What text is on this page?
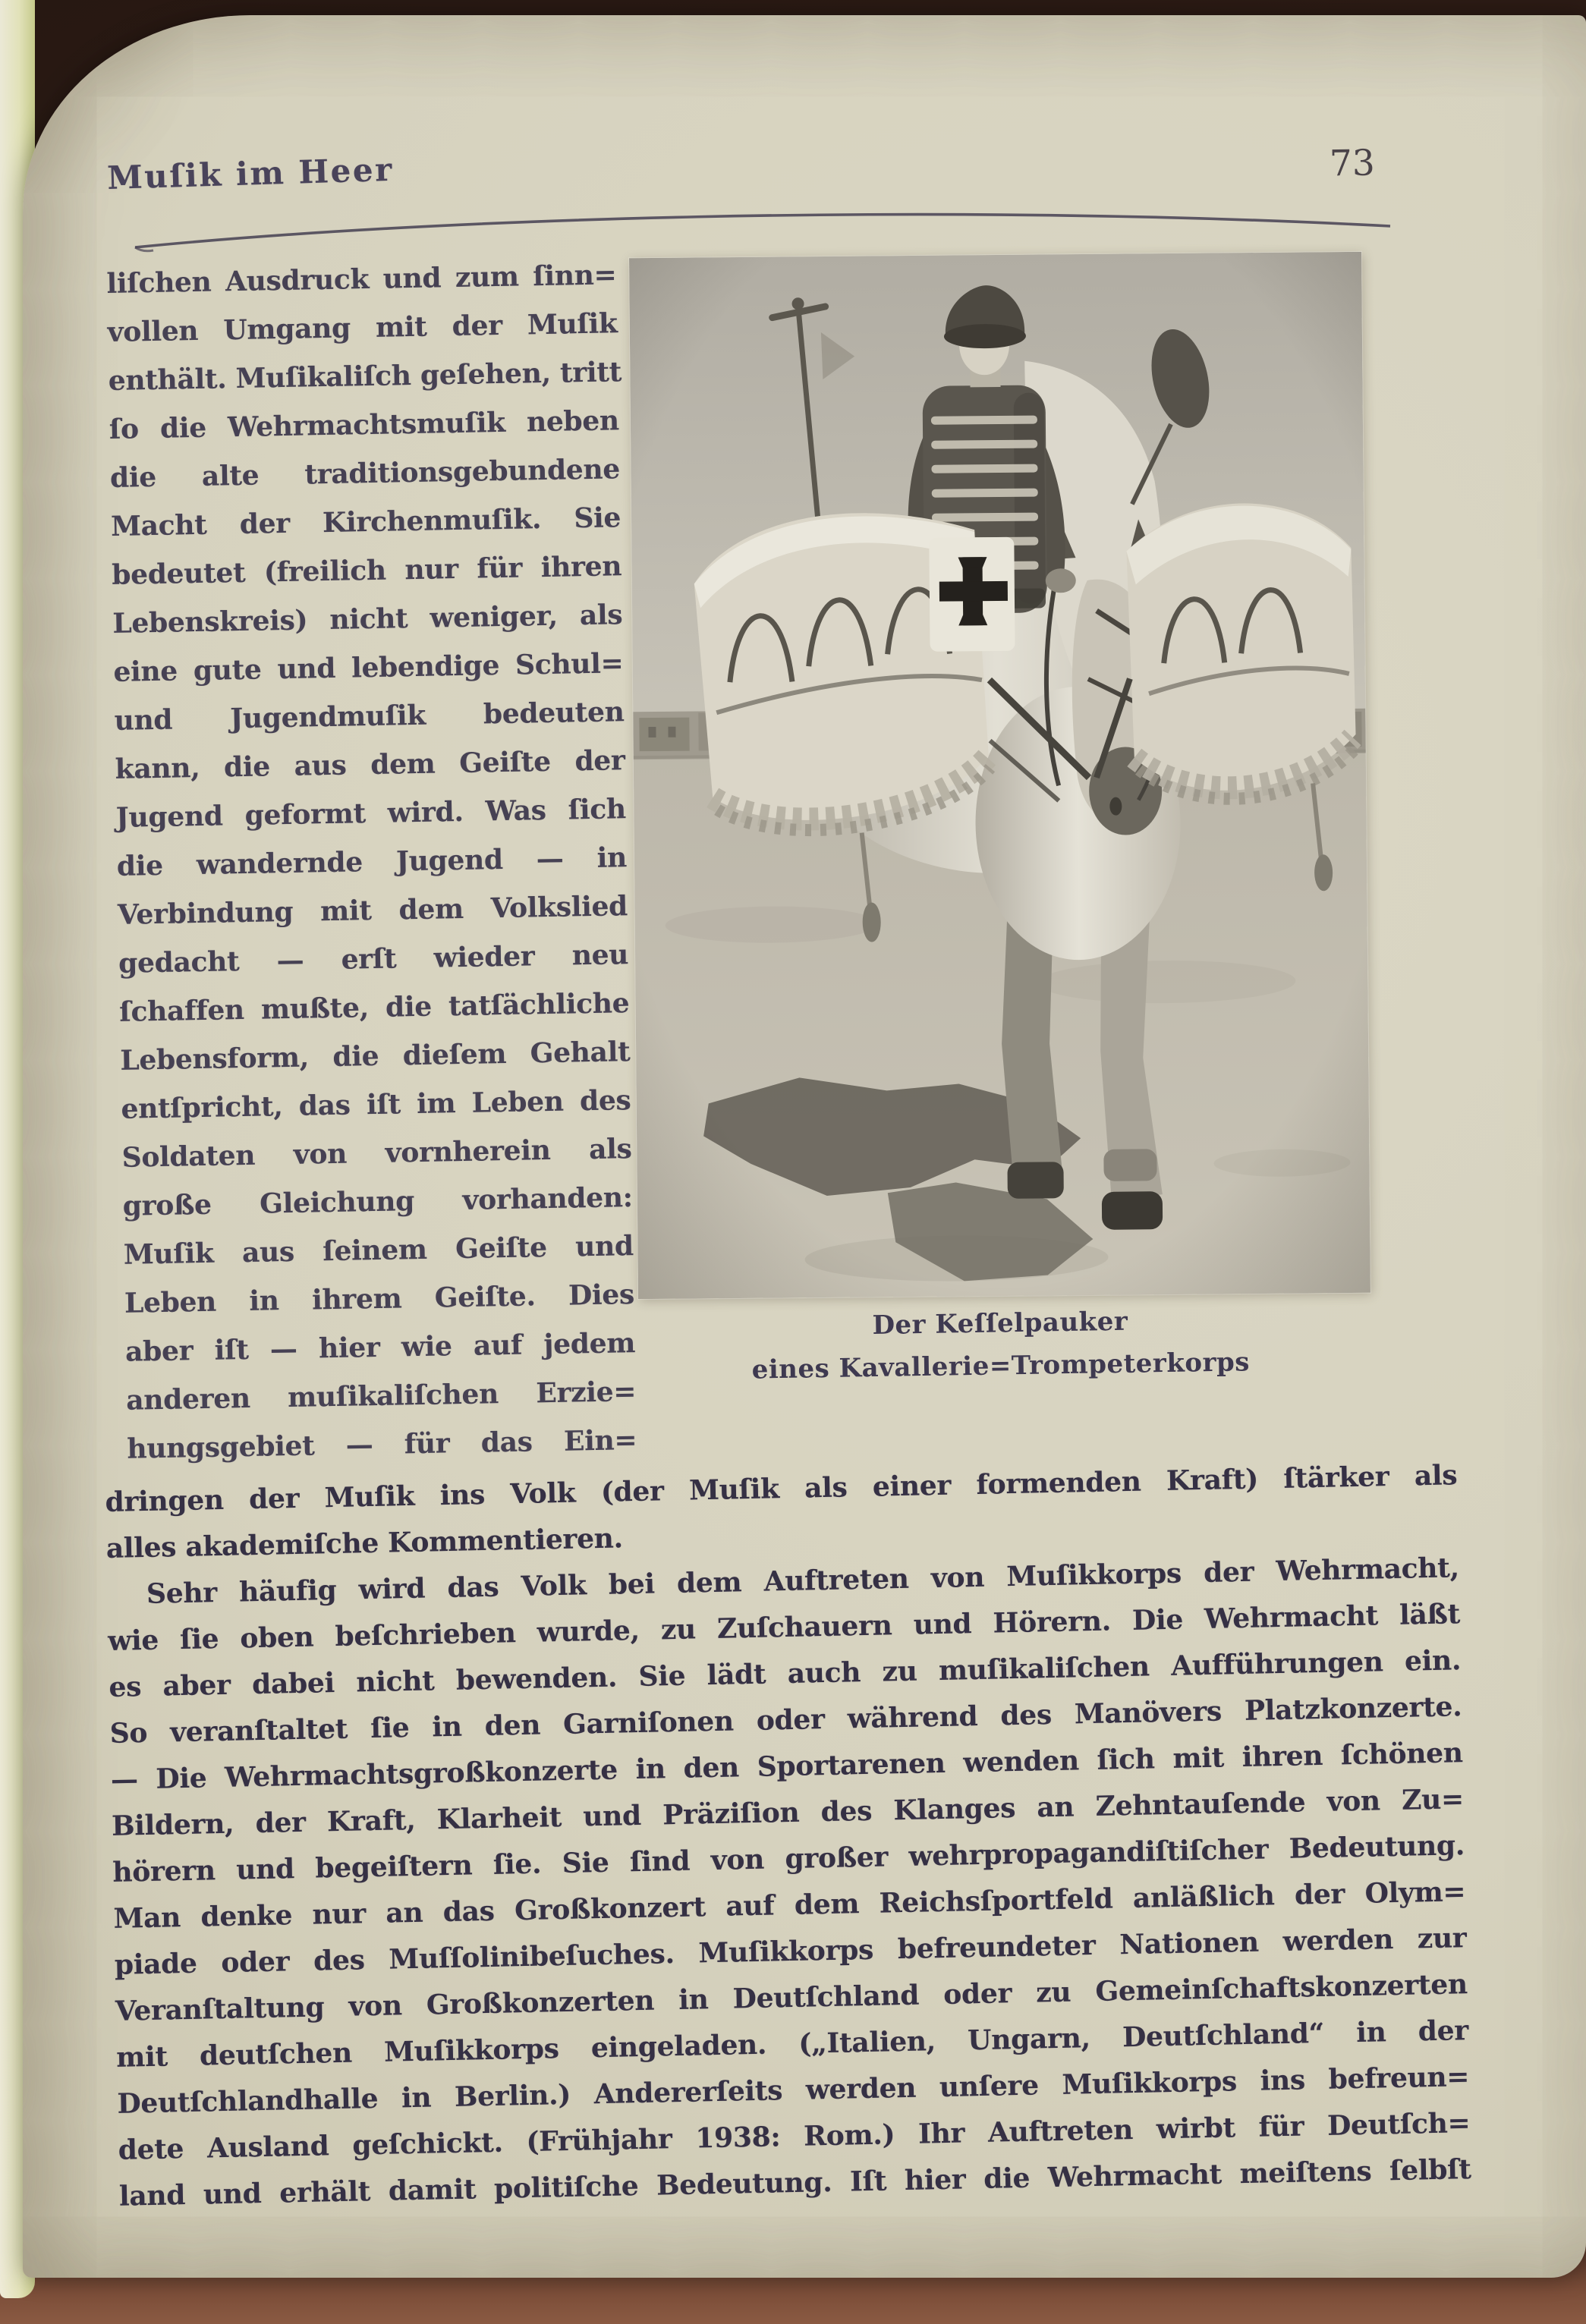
Muſik im Heer	73
liſchen Ausdruck und zum ſinn=
vollen Umgang mit der Muſik
enthält. Muſikaliſch geſehen, tritt
ſo die Wehrmachtsmuſik neben
die alte traditionsgebundene
Macht der Kirchenmuſik. Sie
bedeutet (freilich nur für ihren
Lebenskreis) nicht weniger, als
eine gute und lebendige Schul=
und Jugendmuſik bedeuten
kann, die aus dem Geiſte der
Jugend geformt wird. Was ſich
die wandernde Jugend — in
Verbindung mit dem Volkslied
gedacht — erſt wieder neu
ſchaffen mußte, die tatſächliche
Lebensform, die dieſem Gehalt
entſpricht, das iſt im Leben des
Soldaten von vornherein als
große Gleichung vorhanden:
Muſik aus ſeinem Geiſte und
Leben in ihrem Geiſte. Dies
aber iſt — hier wie auf jedem
anderen muſikaliſchen Erzie=
hungsgebiet — für das Ein=
Der Keſſelpauker
eines Kavallerie=Trompeterkorps
dringen der Muſik ins Volk (der Muſik als einer formenden Kraft) ſtärker als
alles akademiſche Kommentieren.
Sehr häufig wird das Volk bei dem Auftreten von Muſikkorps der Wehrmacht,
wie ſie oben beſchrieben wurde, zu Zuſchauern und Hörern. Die Wehrmacht läßt
es aber dabei nicht bewenden. Sie lädt auch zu muſikaliſchen Aufführungen ein.
So veranſtaltet ſie in den Garniſonen oder während des Manövers Platzkonzerte.
— Die Wehrmachtsgroßkonzerte in den Sportarenen wenden ſich mit ihren ſchönen
Bildern, der Kraft, Klarheit und Präziſion des Klanges an Zehntauſende von Zu=
hörern und begeiſtern ſie. Sie ſind von großer wehrpropagandiſtiſcher Bedeutung.
Man denke nur an das Großkonzert auf dem Reichsſportfeld anläßlich der Olym=
piade oder des Muſſolinibeſuches. Muſikkorps befreundeter Nationen werden zur
Veranſtaltung von Großkonzerten in Deutſchland oder zu Gemeinſchaftskonzerten
mit deutſchen Muſikkorps eingeladen. („Italien, Ungarn, Deutſchland“ in der
Deutſchlandhalle in Berlin.) Andererſeits werden unſere Muſikkorps ins befreun=
dete Ausland geſchickt. (Frühjahr 1938: Rom.) Ihr Auftreten wirbt für Deutſch=
land und erhält damit politiſche Bedeutung. Iſt hier die Wehrmacht meiſtens ſelbſt
